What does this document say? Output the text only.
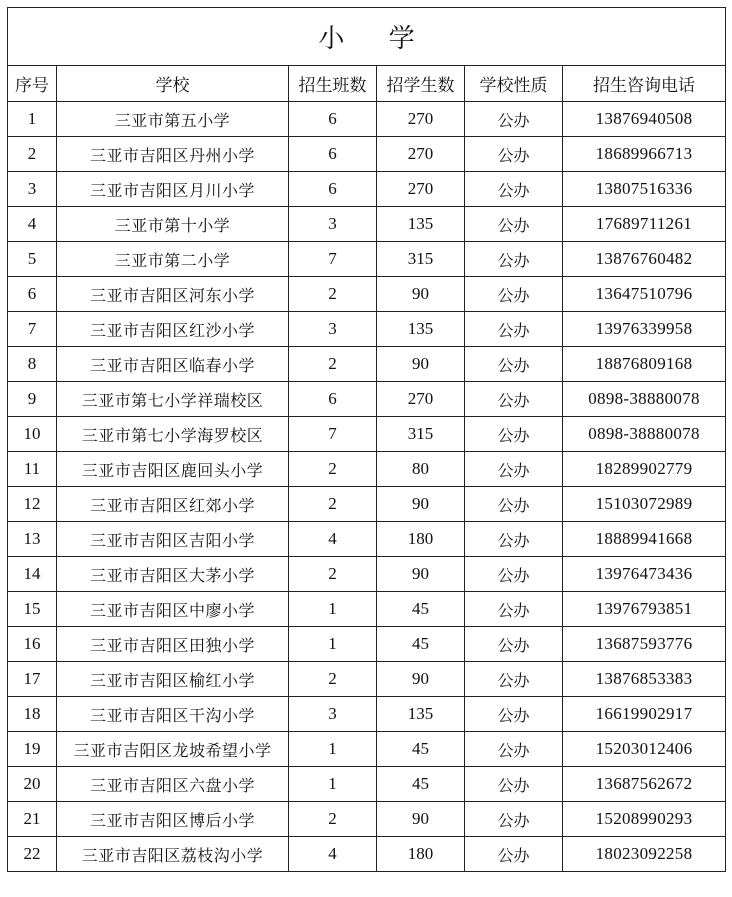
小 学					
序号	学校	招生班数	招学生数	学校性质	招生咨询电话
1	三亚市第五小学	6	270	公办	13876940508
2	三亚市吉阳区丹州小学	6	270	公办	18689966713
3	三亚市吉阳区月川小学	6	270	公办	13807516336
4	三亚市第十小学	3	135	公办	17689711261
5	三亚市第二小学	7	315	公办	13876760482
6	三亚市吉阳区河东小学	2	90	公办	13647510796
7	三亚市吉阳区红沙小学	3	135	公办	13976339958
8	三亚市吉阳区临春小学	2	90	公办	18876809168
9	三亚市第七小学祥瑞校区	6	270	公办	0898-38880078
10	三亚市第七小学海罗校区	7	315	公办	0898-38880078
11	三亚市吉阳区鹿回头小学	2	80	公办	18289902779
12	三亚市吉阳区红郊小学	2	90	公办	15103072989
13	三亚市吉阳区吉阳小学	4	180	公办	18889941668
14	三亚市吉阳区大茅小学	2	90	公办	13976473436
15	三亚市吉阳区中廖小学	1	45	公办	13976793851
16	三亚市吉阳区田独小学	1	45	公办	13687593776
17	三亚市吉阳区榆红小学	2	90	公办	13876853383
18	三亚市吉阳区干沟小学	3	135	公办	16619902917
19	三亚市吉阳区龙坡希望小学	1	45	公办	15203012406
20	三亚市吉阳区六盘小学	1	45	公办	13687562672
21	三亚市吉阳区博后小学	2	90	公办	15208990293
22	三亚市吉阳区荔枝沟小学	4	180	公办	18023092258
